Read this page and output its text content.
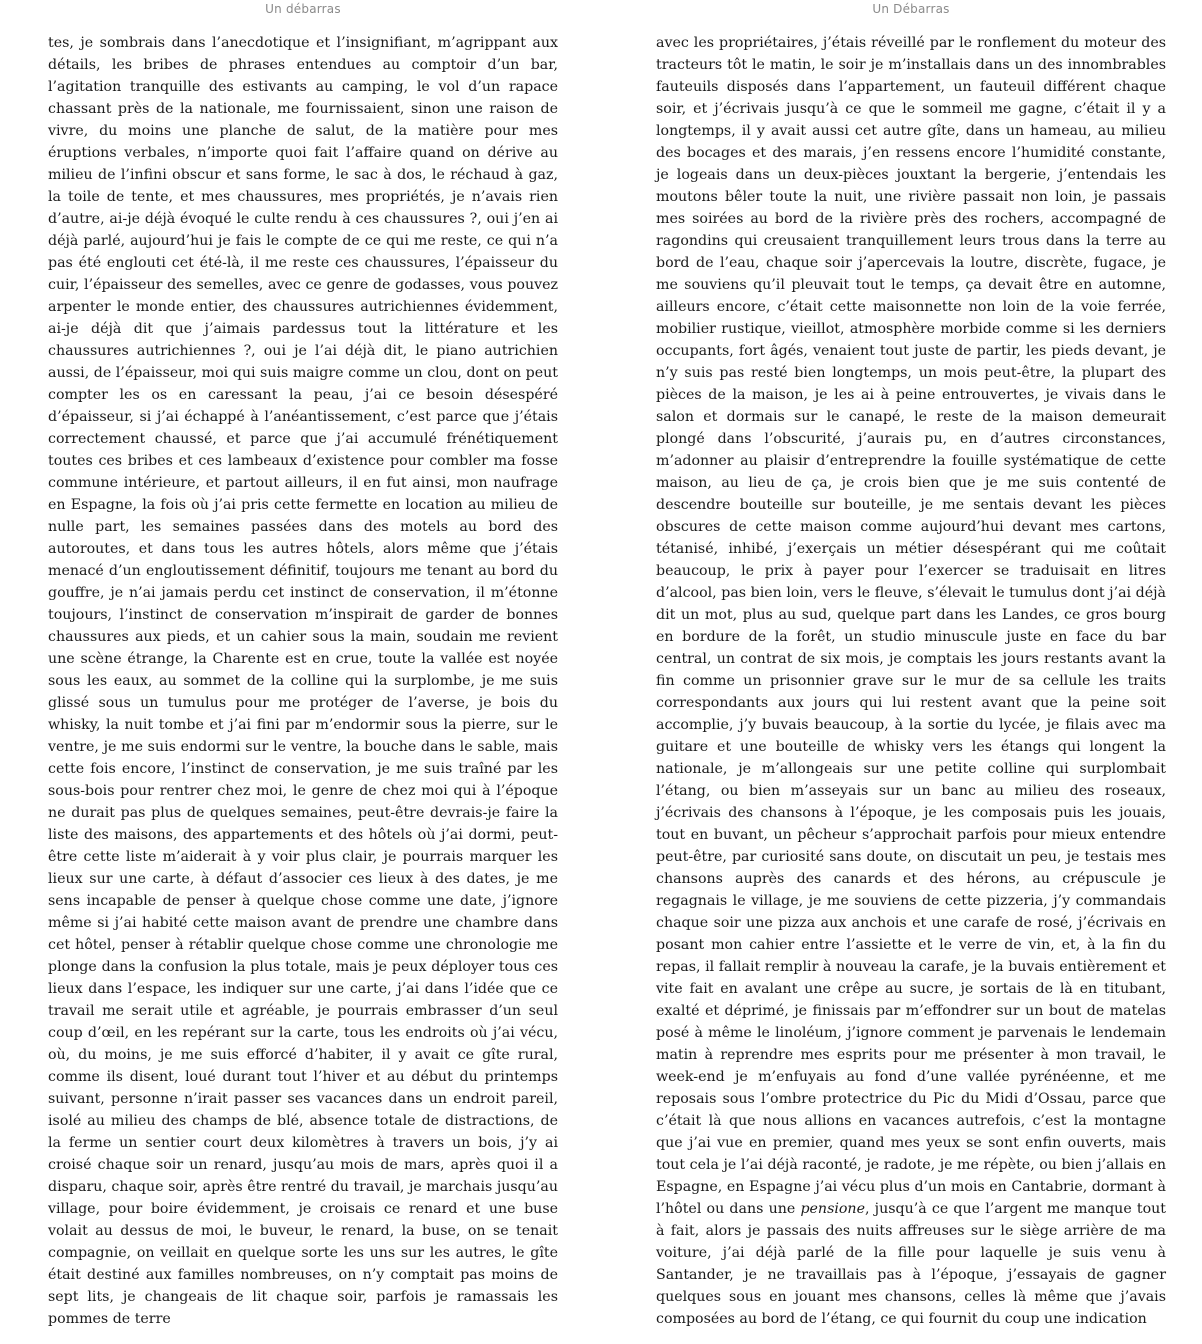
Un débarras

tes, je sombrais dans l’anecdotique et l’insignifiant, m’agrippant aux détails, les bribes de phrases entendues au comptoir d’un bar, l’agitation tranquille des estivants au camping, le vol d’un rapace chassant près de la nationale, me fournissaient, sinon une raison de vivre, du moins une planche de salut, de la matière pour mes éruptions verbales, n’importe quoi fait l’affaire quand on dérive au milieu de l’infini obscur et sans forme, le sac à dos, le réchaud à gaz, la toile de tente, et mes chaussures, mes propriétés, je n’avais rien d’autre, ai-je déjà évoqué le culte rendu à ces chaussures ?, oui j’en ai déjà parlé, aujourd’hui je fais le compte de ce qui me reste, ce qui n’a pas été englouti cet été-là, il me reste ces chaussures, l’épaisseur du cuir, l’épaisseur des semelles, avec ce genre de godasses, vous pouvez arpenter le monde entier, des chaussures autrichiennes évidemment, ai-je déjà dit que j’aimais pardessus tout la littérature et les chaussures autrichiennes ?, oui je l’ai déjà dit, le piano autrichien aussi, de l’épaisseur, moi qui suis maigre comme un clou, dont on peut compter les os en caressant la peau, j’ai ce besoin désespéré d’épaisseur, si j’ai échappé à l’anéantissement, c’est parce que j’étais correctement chaussé, et parce que j’ai accumulé frénétiquement toutes ces bribes et ces lambeaux d’existence pour combler ma fosse commune intérieure, et partout ailleurs, il en fut ainsi, mon naufrage en Espagne, la fois où j’ai pris cette fermette en location au milieu de nulle part, les semaines passées dans des motels au bord des autoroutes, et dans tous les autres hôtels, alors même que j’étais menacé d’un engloutissement définitif, toujours me tenant au bord du gouffre, je n’ai jamais perdu cet instinct de conservation, il m’étonne toujours, l’instinct de conservation m’inspirait de garder de bonnes chaussures aux pieds, et un cahier sous la main, soudain me revient une scène étrange, la Charente est en crue, toute la vallée est noyée sous les eaux, au sommet de la colline qui la surplombe, je me suis glissé sous un tumulus pour me protéger de l’averse, je bois du whisky, la nuit tombe et j’ai fini par m’endormir sous la pierre, sur le ventre, je me suis endormi sur le ventre, la bouche dans le sable, mais cette fois encore, l’instinct de conservation, je me suis traîné par les sous-bois pour rentrer chez moi, le genre de chez moi qui à l’époque ne durait pas plus de quelques semaines, peut-être devrais-je faire la liste des maisons, des appartements et des hôtels où j’ai dormi, peut-être cette liste m’aiderait à y voir plus clair, je pourrais marquer les lieux sur une carte, à défaut d’associer ces lieux à des dates, je me sens incapable de penser à quelque chose comme une date, j’ignore même si j’ai habité cette maison avant de prendre une chambre dans cet hôtel, penser à rétablir quelque chose comme une chronologie me plonge dans la confusion la plus totale, mais je peux déployer tous ces lieux dans l’espace, les indiquer sur une carte, j’ai dans l’idée que ce travail me serait utile et agréable, je pourrais embrasser d’un seul coup d’œil, en les repérant sur la carte, tous les endroits où j’ai vécu, où, du moins, je me suis efforcé d’habiter, il y avait ce gîte rural, comme ils disent, loué durant tout l’hiver et au début du printemps suivant, personne n’irait passer ses vacances dans un endroit pareil, isolé au milieu des champs de blé, absence totale de distractions, de la ferme un sentier court deux kilomètres à travers un bois, j’y ai croisé chaque soir un renard, jusqu’au mois de mars, après quoi il a disparu, chaque soir, après être rentré du travail, je marchais jusqu’au village, pour boire évidemment, je croisais ce renard et une buse volait au dessus de moi, le buveur, le renard, la buse, on se tenait compagnie, on veillait en quelque sorte les uns sur les autres, le gîte était destiné aux familles nombreuses, on n’y comptait pas moins de sept lits, je changeais de lit chaque soir, parfois je ramassais les pommes de terre

Un Débarras

avec les propriétaires, j’étais réveillé par le ronflement du moteur des tracteurs tôt le matin, le soir je m’installais dans un des innombrables fauteuils disposés dans l’appartement, un fauteuil différent chaque soir, et j’écrivais jusqu’à ce que le sommeil me gagne, c’était il y a longtemps, il y avait aussi cet autre gîte, dans un hameau, au milieu des bocages et des marais, j’en ressens encore l’humidité constante, je logeais dans un deux-pièces jouxtant la bergerie, j’entendais les moutons bêler toute la nuit, une rivière passait non loin, je passais mes soirées au bord de la rivière près des rochers, accompagné de ragondins qui creusaient tranquillement leurs trous dans la terre au bord de l’eau, chaque soir j’apercevais la loutre, discrète, fugace, je me souviens qu’il pleuvait tout le temps, ça devait être en automne, ailleurs encore, c’était cette maisonnette non loin de la voie ferrée, mobilier rustique, vieillot, atmosphère morbide comme si les derniers occupants, fort âgés, venaient tout juste de partir, les pieds devant, je n’y suis pas resté bien longtemps, un mois peut-être, la plupart des pièces de la maison, je les ai à peine entrouvertes, je vivais dans le salon et dormais sur le canapé, le reste de la maison demeurait plongé dans l’obscurité, j’aurais pu, en d’autres circonstances, m’adonner au plaisir d’entreprendre la fouille systématique de cette maison, au lieu de ça, je crois bien que je me suis contenté de descendre bouteille sur bouteille, je me sentais devant les pièces obscures de cette maison comme aujourd’hui devant mes cartons, tétanisé, inhibé, j’exerçais un métier désespérant qui me coûtait beaucoup, le prix à payer pour l’exercer se traduisait en litres d’alcool, pas bien loin, vers le fleuve, s’élevait le tumulus dont j’ai déjà dit un mot, plus au sud, quelque part dans les Landes, ce gros bourg en bordure de la forêt, un studio minuscule juste en face du bar central, un contrat de six mois, je comptais les jours restants avant la fin comme un prisonnier grave sur le mur de sa cellule les traits correspondants aux jours qui lui restent avant que la peine soit accomplie, j’y buvais beaucoup, à la sortie du lycée, je filais avec ma guitare et une bouteille de whisky vers les étangs qui longent la nationale, je m’allongeais sur une petite colline qui surplombait l’étang, ou bien m’asseyais sur un banc au milieu des roseaux, j’écrivais des chansons à l’époque, je les composais puis les jouais, tout en buvant, un pêcheur s’approchait parfois pour mieux entendre peut-être, par curiosité sans doute, on discutait un peu, je testais mes chansons auprès des canards et des hérons, au crépuscule je regagnais le village, je me souviens de cette pizzeria, j’y commandais chaque soir une pizza aux anchois et une carafe de rosé, j’écrivais en posant mon cahier entre l’assiette et le verre de vin, et, à la fin du repas, il fallait remplir à nouveau la carafe, je la buvais entièrement et vite fait en avalant une crêpe au sucre, je sortais de là en titubant, exalté et déprimé, je finissais par m’effondrer sur un bout de matelas posé à même le linoléum, j’ignore comment je parvenais le lendemain matin à reprendre mes esprits pour me présenter à mon travail, le week-end je m’enfuyais au fond d’une vallée pyrénéenne, et me reposais sous l’ombre protectrice du Pic du Midi d’Ossau, parce que c’était là que nous allions en vacances autrefois, c’est la montagne que j’ai vue en premier, quand mes yeux se sont enfin ouverts, mais tout cela je l’ai déjà raconté, je radote, je me répète, ou bien j’allais en Espagne, en Espagne j’ai vécu plus d’un mois en Cantabrie, dormant à l’hôtel ou dans une pensione, jusqu’à ce que l’argent me manque tout à fait, alors je passais des nuits affreuses sur le siège arrière de ma voiture, j’ai déjà parlé de la fille pour laquelle je suis venu à Santander, je ne travaillais pas à l’époque, j’essayais de gagner quelques sous en jouant mes chansons, celles là même que j’avais composées au bord de l’étang, ce qui fournit du coup une indication
